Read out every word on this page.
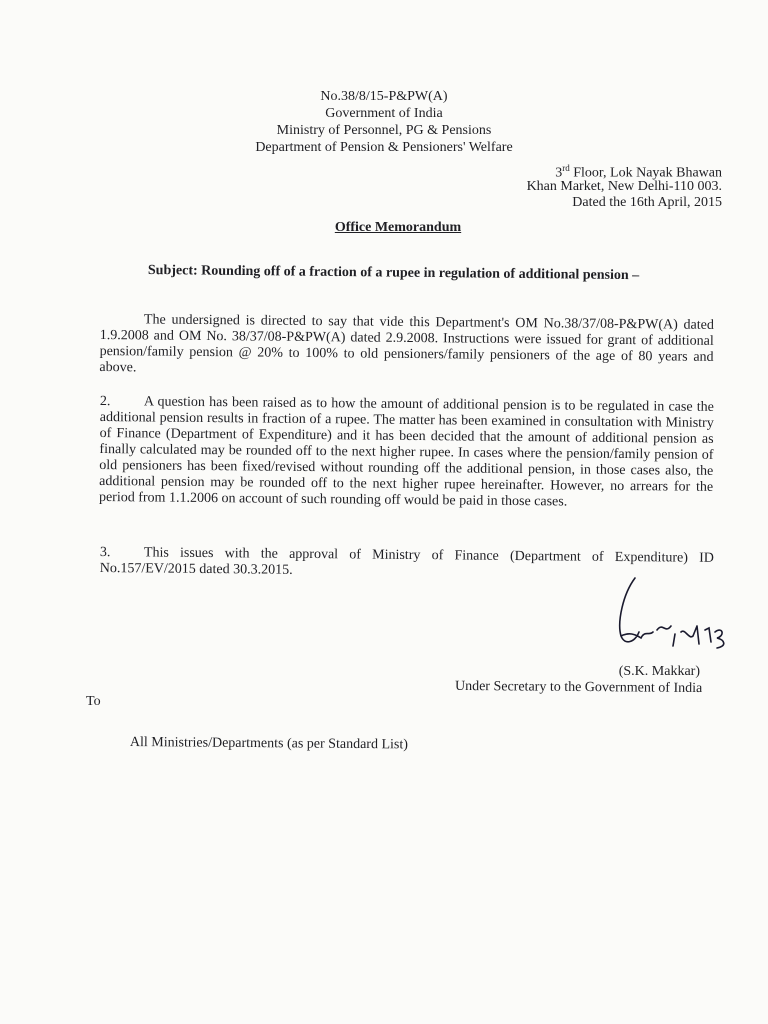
No.38/8/15-P&PW(A)
Government of India
Ministry of Personnel, PG & Pensions
Department of Pension & Pensioners' Welfare
3rd Floor, Lok Nayak Bhawan
Khan Market, New Delhi-110 003.
Dated the 16th April, 2015
Office Memorandum
Subject: Rounding off of a fraction of a rupee in regulation of additional pension –
The undersigned is directed to say that vide this Department's OM No.38/37/08-P&PW(A) dated 1.9.2008 and OM No. 38/37/08-P&PW(A) dated 2.9.2008. Instructions were issued for grant of additional pension/family pension @ 20% to 100% to old pensioners/family pensioners of the age of 80 years and above.
2. A question has been raised as to how the amount of additional pension is to be regulated in case the additional pension results in fraction of a rupee. The matter has been examined in consultation with Ministry of Finance (Department of Expenditure) and it has been decided that the amount of additional pension as finally calculated may be rounded off to the next higher rupee. In cases where the pension/family pension of old pensioners has been fixed/revised without rounding off the additional pension, in those cases also, the additional pension may be rounded off to the next higher rupee hereinafter. However, no arrears for the period from 1.1.2006 on account of such rounding off would be paid in those cases.
3. This issues with the approval of Ministry of Finance (Department of Expenditure) ID No.157/EV/2015 dated 30.3.2015.
(S.K. Makkar)
Under Secretary to the Government of India
To
All Ministries/Departments (as per Standard List)
